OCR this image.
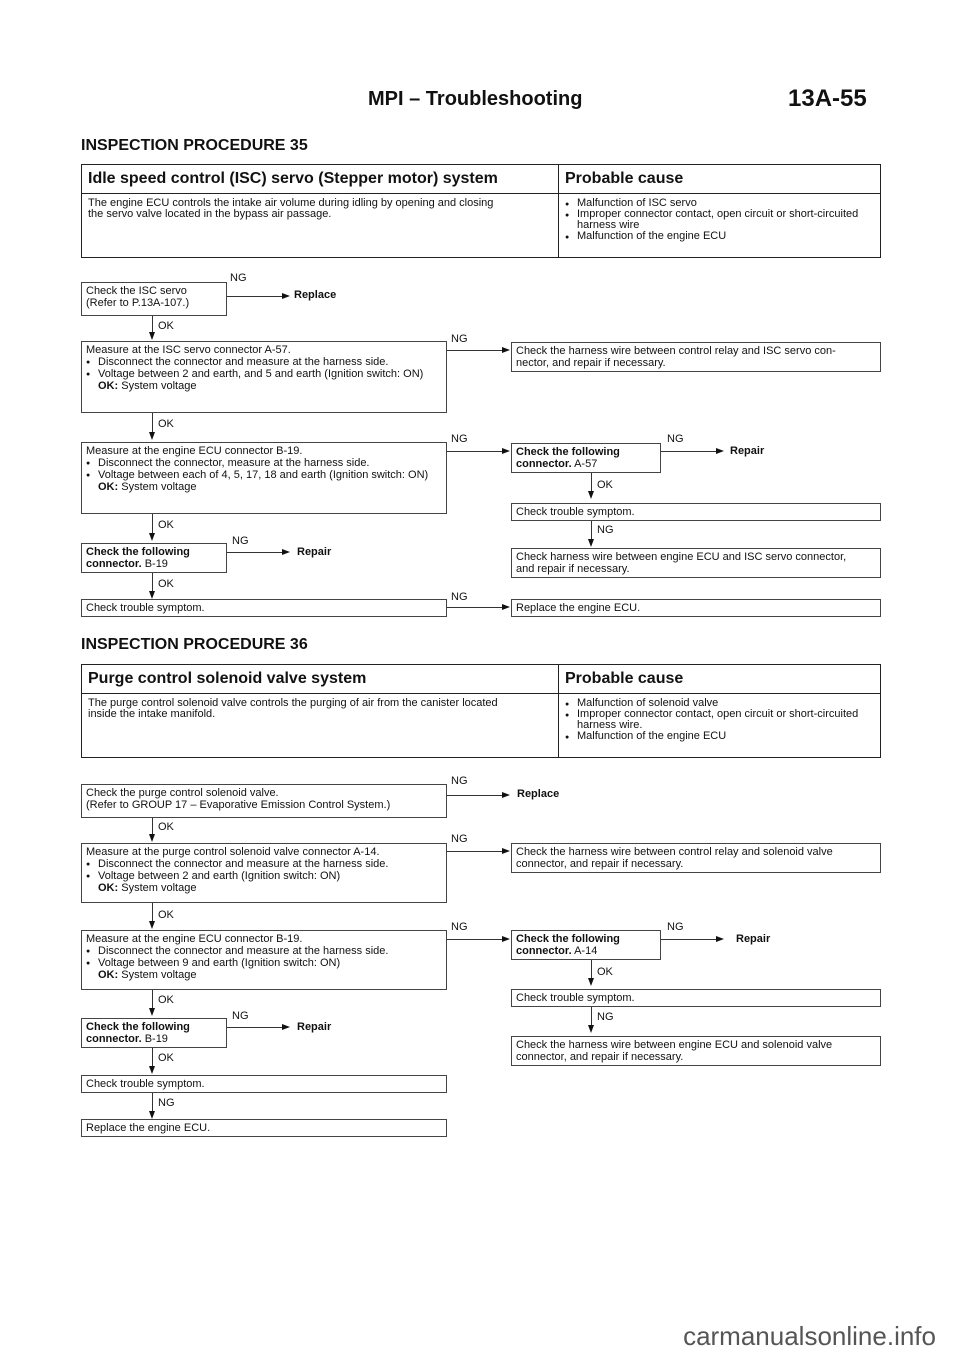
MPI – Troubleshooting	13A-55
INSPECTION PROCEDURE 35
Idle speed control (ISC) servo (Stepper motor) system	Probable cause
The engine ECU controls the intake air volume during idling by opening and closing
the servo valve located in the bypass air passage.
● Malfunction of ISC servo
● Improper connector contact, open circuit or short-circuited harness wire
● Malfunction of the engine ECU
Check the ISC servo
(Refer to P.13A-107.)
NG
Replace
OK
Measure at the ISC servo connector A-57.
● Disconnect the connector and measure at the harness side.
● Voltage between 2 and earth, and 5 and earth (Ignition switch: ON)
OK: System voltage
NG
Check the harness wire between control relay and ISC servo con-
nector, and repair if necessary.
OK
Measure at the engine ECU connector B-19.
● Disconnect the connector, measure at the harness side.
● Voltage between each of 4, 5, 17, 18 and earth (Ignition switch: ON)
OK: System voltage
NG
Check the following
connector. A-57
NG
Repair
OK
Check trouble symptom.
NG
Check harness wire between engine ECU and ISC servo connector,
and repair if necessary.
OK
Check the following
connector. B-19
NG
Repair
OK
Check trouble symptom.
NG
Replace the engine ECU.
INSPECTION PROCEDURE 36
Purge control solenoid valve system	Probable cause
The purge control solenoid valve controls the purging of air from the canister located
inside the intake manifold.
● Malfunction of solenoid valve
● Improper connector contact, open circuit or short-circuited harness wire.
● Malfunction of the engine ECU
Check the purge control solenoid valve.
(Refer to GROUP 17 – Evaporative Emission Control System.)
NG
Replace
OK
Measure at the purge control solenoid valve connector A-14.
● Disconnect the connector and measure at the harness side.
● Voltage between 2 and earth (Ignition switch: ON)
OK: System voltage
NG
Check the harness wire between control relay and solenoid valve
connector, and repair if necessary.
OK
Measure at the engine ECU connector B-19.
● Disconnect the connector and measure at the harness side.
● Voltage between 9 and earth (Ignition switch: ON)
OK: System voltage
NG
Check the following
connector. A-14
NG
Repair
OK
Check trouble symptom.
NG
Check the harness wire between engine ECU and solenoid valve
connector, and repair if necessary.
OK
Check the following
connector. B-19
NG
Repair
OK
Check trouble symptom.
NG
Replace the engine ECU.
carmanualsonline.info
